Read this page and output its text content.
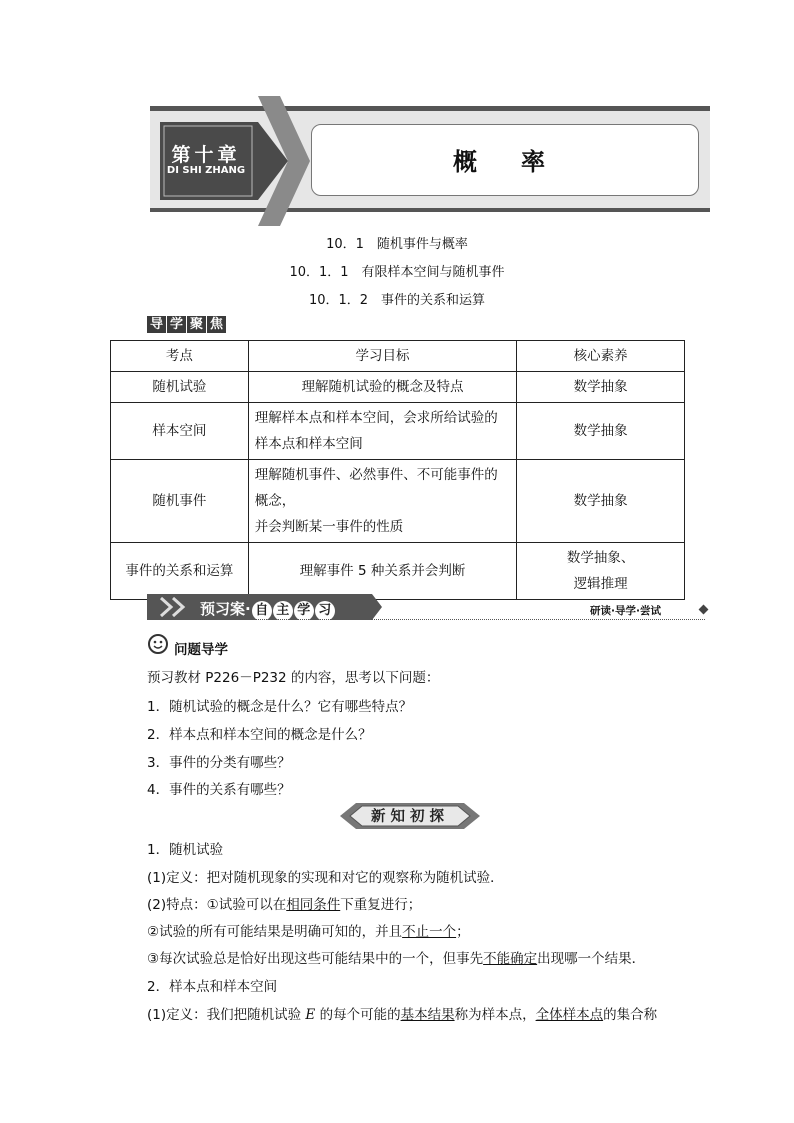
第十章
DI SHI ZHANG	概　率
10．1　随机事件与概率
10．1．1　有限样本空间与随机事件
10．1．2　事件的关系和运算
导 学 聚 焦
考点	学习目标	核心素养
随机试验	理解随机试验的概念及特点	数学抽象

样本空间	理解样本点和样本空间，会求所给试验的
样本点和样本空间	数学抽象

随机事件	理解随机事件、必然事件、不可能事件的
概念，
并会判断某一事件的性质	数学抽象

事件的关系和运算	理解事件 5 种关系并会判断	数学抽象、
逻辑推理
预习案· 自 主 学 习	研读·导学·尝试
问题导学
预习教材 P226－P232 的内容，思考以下问题：
1．随机试验的概念是什么？它有哪些特点？
2．样本点和样本空间的概念是什么？
3．事件的分类有哪些？
4．事件的关系有哪些？
新知初探
1．随机试验
(1)定义：把对随机现象的实现和对它的观察称为随机试验．
(2)特点：①试验可以在相同条件下重复进行；
②试验的所有可能结果是明确可知的，并且不止一个；
③每次试验总是恰好出现这些可能结果中的一个，但事先不能确定出现哪一个结果．
2．样本点和样本空间
(1)定义：我们把随机试验 E 的每个可能的基本结果称为样本点，全体样本点的集合称
